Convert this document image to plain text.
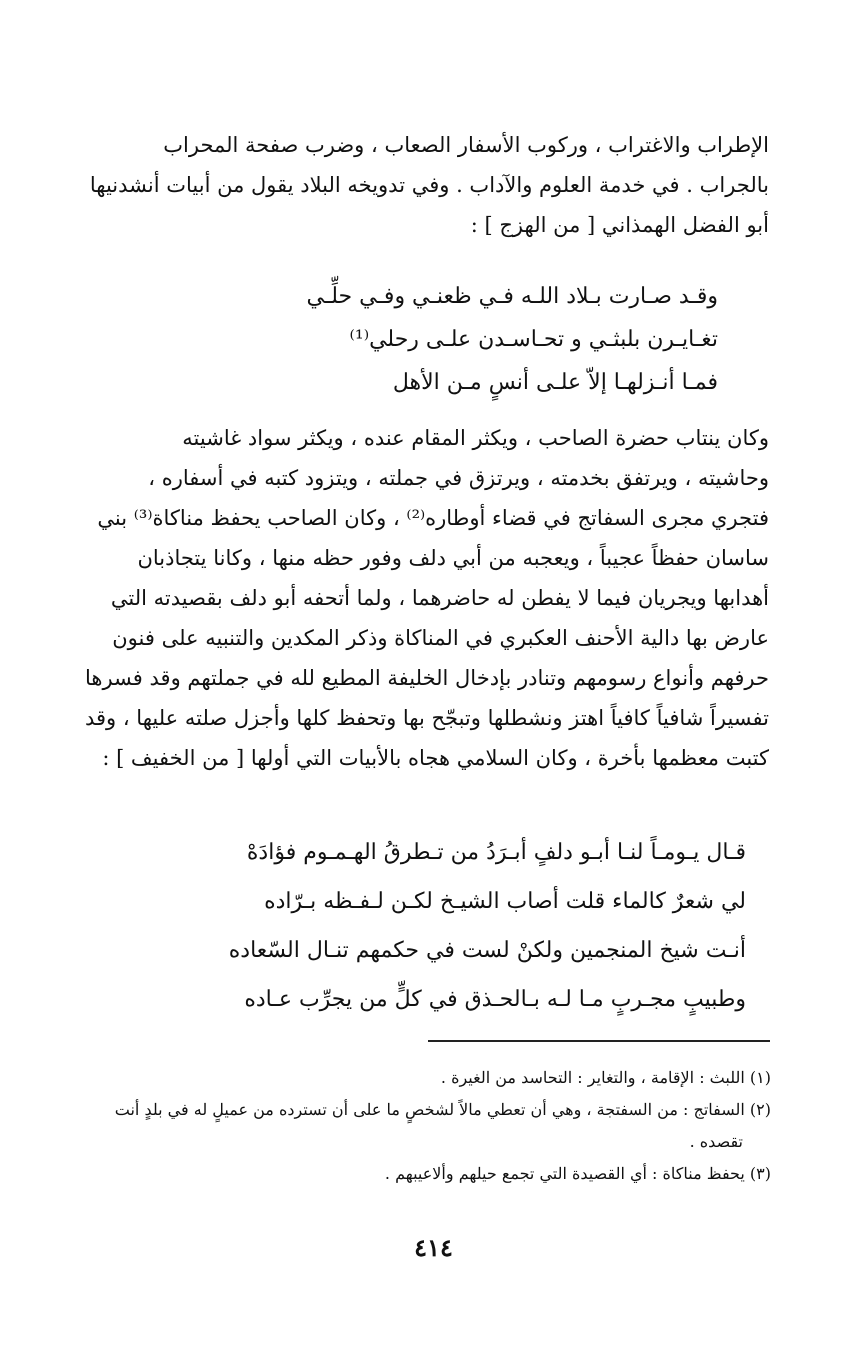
الإطراب والاغتراب ، وركوب الأسفار الصعاب ، وضرب صفحة المحراب
بالجراب . في خدمة العلوم والآداب . وفي تدويخه البلاد يقول من أبيات أنشدنيها
أبو الفضل الهمذاني [ من الهزج ] :
وقـد صـارت بـلاد اللـه فـي ظعنـي وفـي حلِّـي
تغـايـرن بلبثـي و تحـاسـدن علـى رحلي⁽¹⁾
فمـا أنـزلهـا إلاّ علـى أنسٍ مـن الأهل
وكان ينتاب حضرة الصاحب ، ويكثر المقام عنده ، ويكثر سواد غاشيته
وحاشيته ، ويرتفق بخدمته ، ويرتزق في جملته ، ويتزود كتبه في أسفاره ،
فتجري مجرى السفاتج في قضاء أوطاره⁽²⁾ ، وكان الصاحب يحفظ مناكاة⁽³⁾ بني
ساسان حفظاً عجيباً ، ويعجبه من أبي دلف وفور حظه منها ، وكانا يتجاذبان
أهدابها ويجريان فيما لا يفطن له حاضرهما ، ولما أتحفه أبو دلف بقصيدته التي
عارض بها دالية الأحنف العكبري في المناكاة وذكر المكدين والتنبيه على فنون
حرفهم وأنواع رسومهم وتنادر بإدخال الخليفة المطيع لله في جملتهم وقد فسرها
تفسيراً شافياً كافياً اهتز ونشطلها وتبجّح بها وتحفظ كلها وأجزل صلته عليها ، وقد
كتبت معظمها بأخرة ، وكان السلامي هجاه بالأبيات التي أولها [ من الخفيف ] :
قـال يـومـاً لنـا أبـو دلفٍ أبـرَدُ من تـطرقُ الهـمـوم فؤادَهْ
لي شعرٌ كالماء قلت أصاب الشيـخ لكـن لـفـظه بـرّاده
أنـت شيخ المنجمين ولكنْ لست في حكمهم تنـال السّعاده
وطبيبٍ مجـربٍ مـا لـه بـالحـذق في كلٍّ من يجرِّب عـاده
(١) اللبث : الإقامة ، والتغاير : التحاسد من الغيرة .
(٢) السفاتج : من السفتجة ، وهي أن تعطي مالاً لشخصٍ ما على أن تسترده من عميلٍ له في بلدٍ أنت
تقصده .
(٣) يحفظ مناكاة : أي القصيدة التي تجمع حيلهم وألاعيبهم .
٤١٤
